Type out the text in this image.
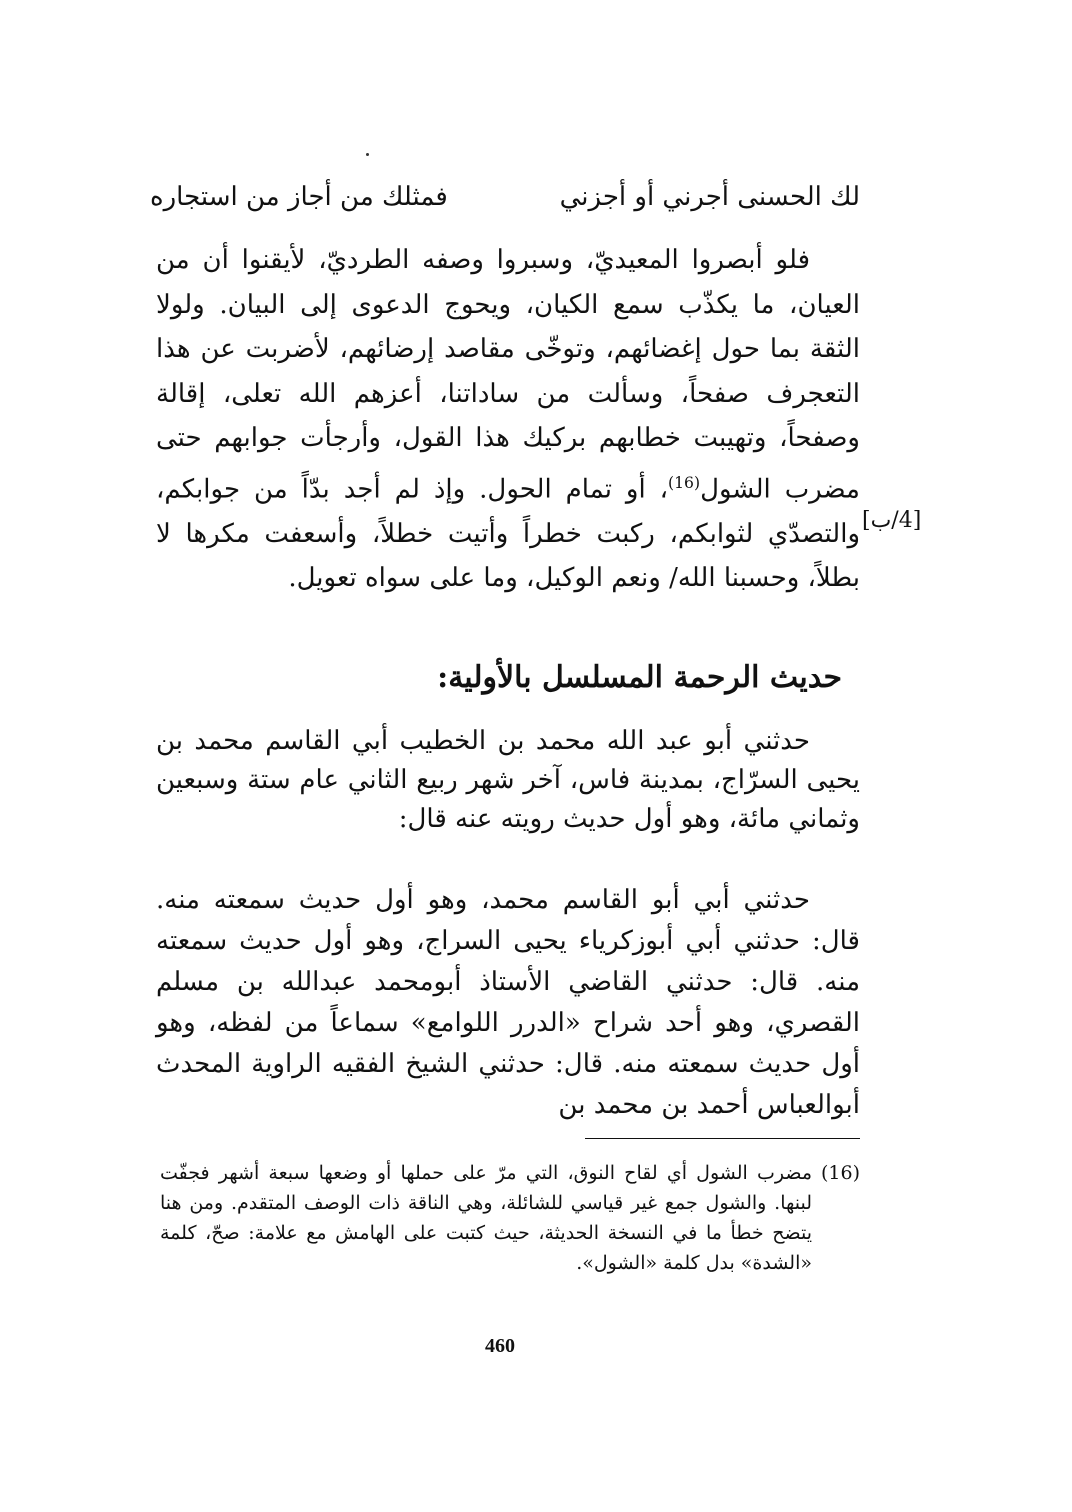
لك الحسنى أجرني أو أجزني
فمثلك من أجاز من استجاره

فلو أبصروا المعيديّ، وسبروا وصفه الطرديّ، لأيقنوا أن من العيان، ما يكذّب سمع الكيان، ويحوج الدعوى إلى البيان. ولولا الثقة بما حول إغضائهم، وتوخّى مقاصد إرضائهم، لأضربت عن هذا التعجرف صفحاً، وسألت من ساداتنا، أعزهم الله تعلى، إقالة وصفحاً، وتهيبت خطابهم بركيك هذا القول، وأرجأت جوابهم حتى مضرب الشول$^{(16)}$، أو تمام الحول. وإذ لم أجد بدّاً من جوابكم، والتصدّي لثوابكم، ركبت خطراً وأتيت خطلاً، وأسعفت مكرها لا بطلاً، وحسبنا الله/ ونعم الوكيل، وما على سواه تعويل.

[4/ب]
حديث الرحمة المسلسل بالأولية:

حدثني أبو عبد الله محمد بن الخطيب أبي القاسم محمد بن يحيى السرّاج، بمدينة فاس، آخر شهر ربيع الثاني عام ستة وسبعين وثماني مائة، وهو أول حديث رويته عنه قال:

حدثني أبي أبو القاسم محمد، وهو أول حديث سمعته منه. قال: حدثني أبي أبوزكرياء يحيى السراج، وهو أول حديث سمعته منه. قال: حدثني القاضي الأستاذ أبومحمد عبدالله بن مسلم القصري، وهو أحد شراح «الدرر اللوامع» سماعاً من لفظه، وهو أول حديث سمعته منه. قال: حدثني الشيخ الفقيه الراوية المحدث أبوالعباس أحمد بن محمد بن

(16)
مضرب الشول أي لقاح النوق، التي مرّ على حملها أو وضعها سبعة أشهر فجفّت لبنها. والشول جمع غير قياسي للشائلة، وهي الناقة ذات الوصف المتقدم. ومن هنا يتضح خطأ ما في النسخة الحديثة، حيث كتبت على الهامش مع علامة: صحّ، كلمة «الشدة» بدل كلمة «الشول».
460
